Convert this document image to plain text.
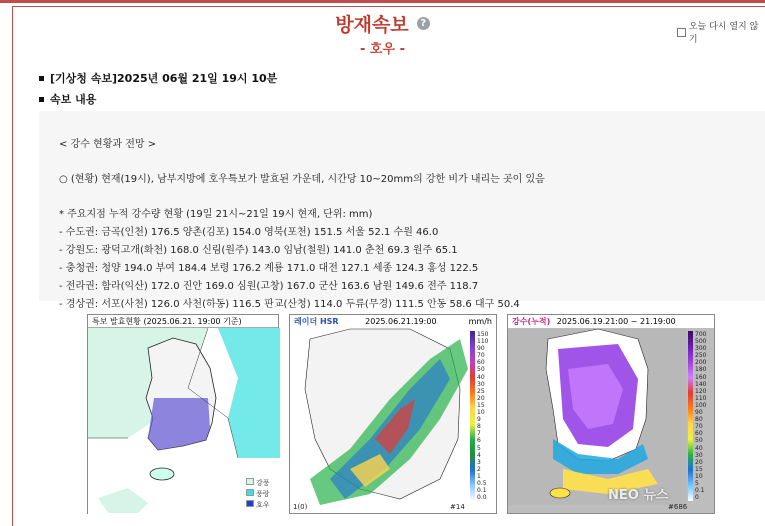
방재속보 ?
- 호우 -
오늘 다시 열지 않기
[기상청 속보]2025년 06월 21일 19시 10분
속보 내용
< 강수 현황과 전망 >
○ (현황) 현재(19시), 남부지방에 호우특보가 발효된 가운데, 시간당 10~20mm의 강한 비가 내리는 곳이 있음
* 주요지점 누적 강수량 현황 (19일 21시~21일 19시 현재, 단위: mm)
- 수도권: 금곡(인천) 176.5 양촌(김포) 154.0 영북(포천) 151.5 서울 52.1 수원 46.0
- 강원도: 광덕고개(화천) 168.0 신림(원주) 143.0 임남(철원) 141.0 춘천 69.3 원주 65.1
- 충청권: 청양 194.0 부여 184.4 보령 176.2 계룡 171.0 대전 127.1 세종 124.3 홍성 122.5
- 전라권: 함라(익산) 172.0 진안 169.0 심원(고창) 167.0 군산 163.6 남원 149.6 전주 118.7
- 경상권: 서포(사천) 126.0 사천(하동) 116.5 판교(산청) 114.0 두류(무경) 111.5 안동 58.6 대구 50.4
특보 발효현황 (2025.06.21. 19:00 기준)
강풍
풍랑
호우
레이더 HSR	2025.06.21.19:00	mm/h
150
110
90
70
60
50
40
30
25
20
15
10
9
8
7
6
5
4
3
2
1
0.5
0.1
0.0
1(0)	#14
강수(누적) 2025.06.19.21:00 ~ 21.19:00
700
500
300
250
200
180
160
140
120
110
100
90
80
70
60
50
40
30
20
15
10
5
0.1
0
#686
NEO 뉴스
